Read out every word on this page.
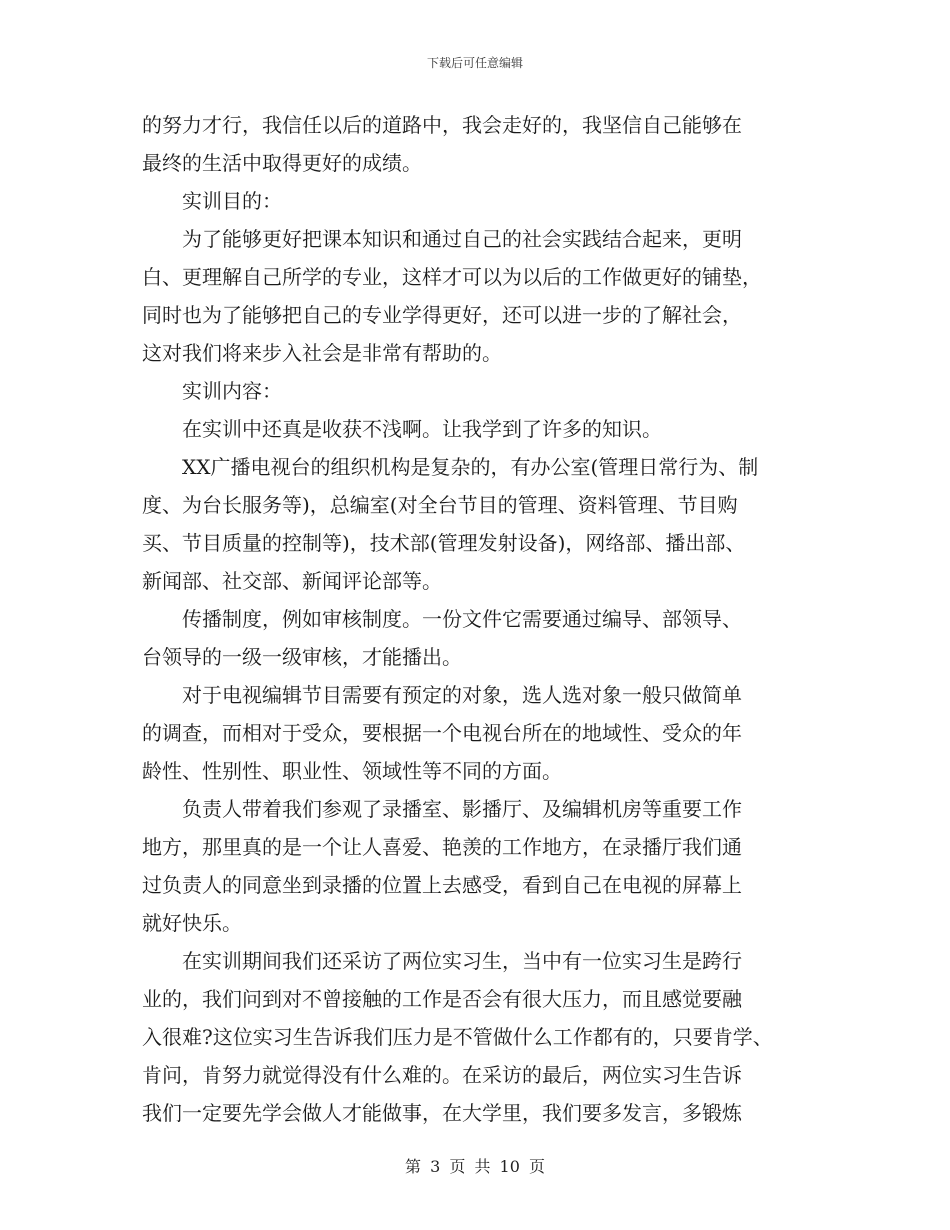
下载后可任意编辑
的努力才行，我信任以后的道路中，我会走好的，我坚信自己能够在
最终的生活中取得更好的成绩。
　　实训目的：
　　为了能够更好把课本知识和通过自己的社会实践结合起来，更明
白、更理解自己所学的专业，这样才可以为以后的工作做更好的铺垫，
同时也为了能够把自己的专业学得更好，还可以进一步的了解社会，
这对我们将来步入社会是非常有帮助的。
　　实训内容：
　　在实训中还真是收获不浅啊。让我学到了许多的知识。
　　XX广播电视台的组织机构是复杂的，有办公室(管理日常行为、制
度、为台长服务等)，总编室(对全台节目的管理、资料管理、节目购
买、节目质量的控制等)，技术部(管理发射设备)，网络部、播出部、
新闻部、社交部、新闻评论部等。
　　传播制度，例如审核制度。一份文件它需要通过编导、部领导、
台领导的一级一级审核，才能播出。
　　对于电视编辑节目需要有预定的对象，选人选对象一般只做简单
的调查，而相对于受众，要根据一个电视台所在的地域性、受众的年
龄性、性别性、职业性、领域性等不同的方面。
　　负责人带着我们参观了录播室、影播厅、及编辑机房等重要工作
地方，那里真的是一个让人喜爱、艳羡的工作地方，在录播厅我们通
过负责人的同意坐到录播的位置上去感受，看到自己在电视的屏幕上
就好快乐。
　　在实训期间我们还采访了两位实习生，当中有一位实习生是跨行
业的，我们问到对不曾接触的工作是否会有很大压力，而且感觉要融
入很难?这位实习生告诉我们压力是不管做什么工作都有的，只要肯学、
肯问，肯努力就觉得没有什么难的。在采访的最后，两位实习生告诉
我们一定要先学会做人才能做事，在大学里，我们要多发言，多锻炼
第 3 页 共 10 页
